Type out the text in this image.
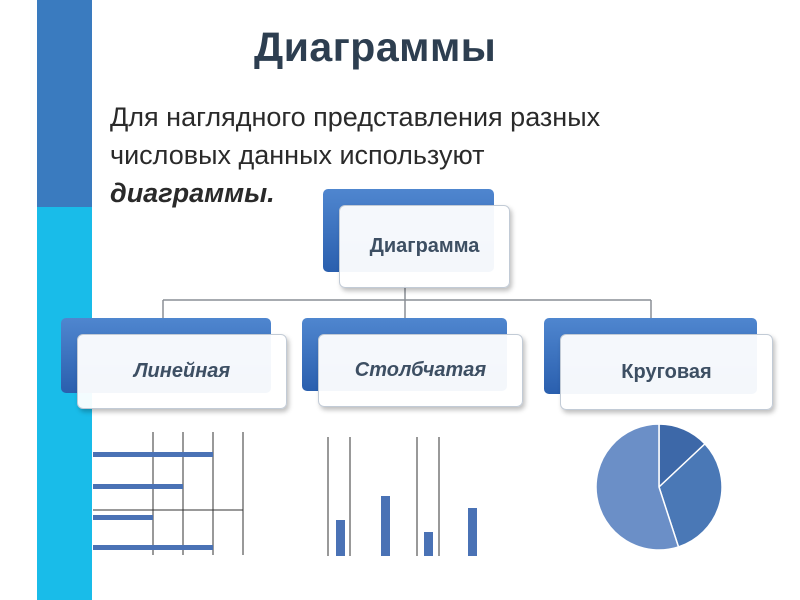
Диаграммы
Для наглядного представления разных
числовых данных используют
диаграммы.
Диаграмма
Линейная	Столбчатая	Круговая
